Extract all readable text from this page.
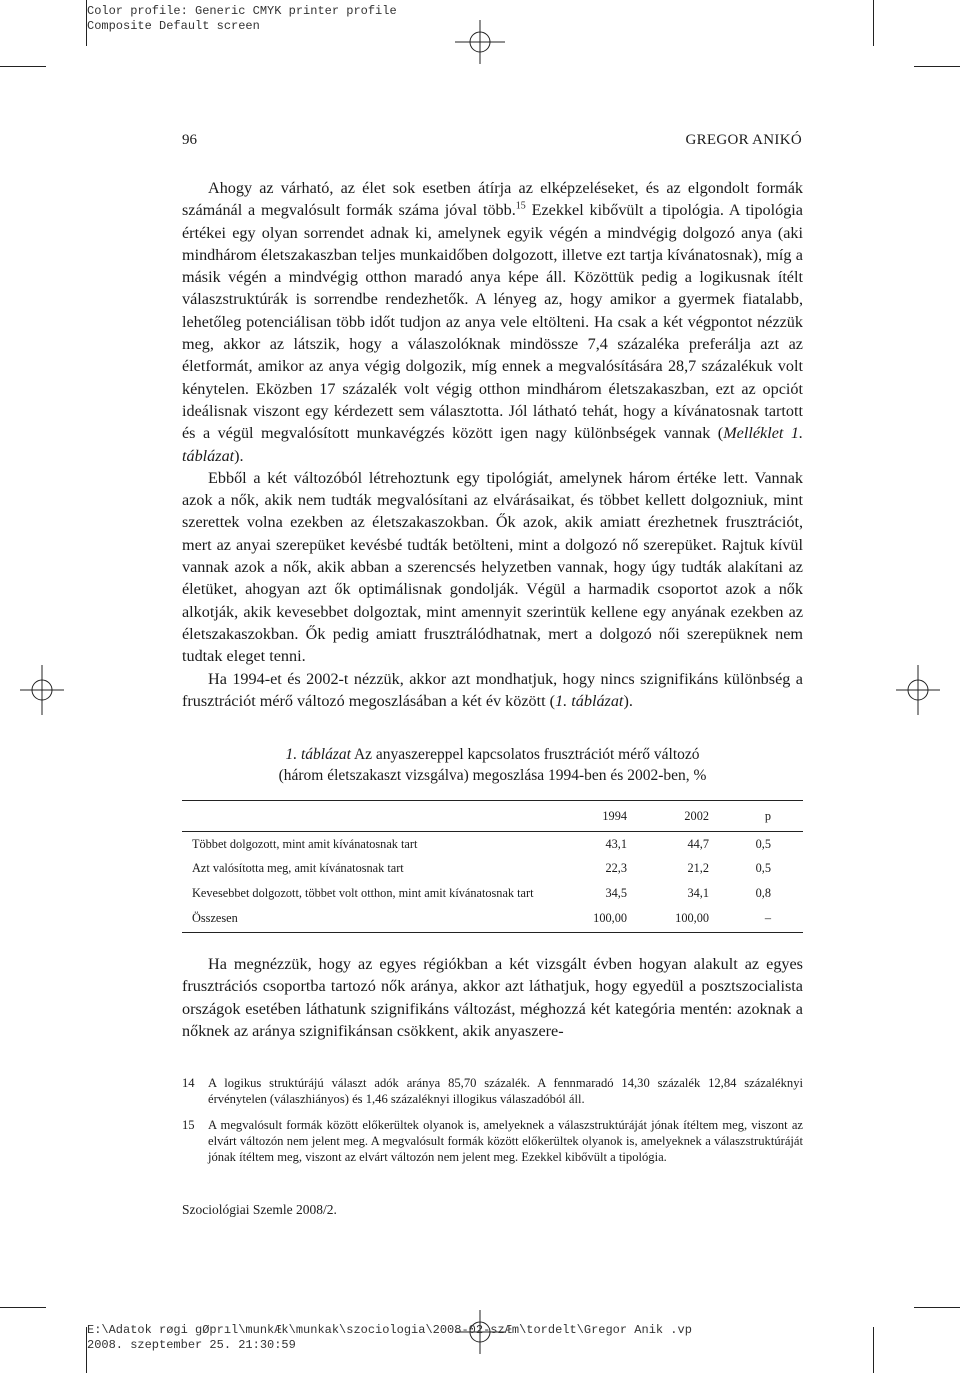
Color profile: Generic CMYK printer profile
Composite Default screen
96	GREGOR ANIKÓ

Ahogy az várható, az élet sok esetben átírja az elképzeléseket, és az elgondolt formák számánál a megvalósult formák száma jóval több.$^{15}$ Ezekkel kibővült a tipológia. A tipológia értékei egy olyan sorrendet adnak ki, amelynek egyik végén a mindvégig dolgozó anya (aki mindhárom életszakaszban teljes munkaidőben dolgozott, illetve ezt tartja kívánatosnak), míg a másik végén a mindvégig otthon maradó anya képe áll. Közöttük pedig a logikusnak ítélt válaszstruktúrák is sorrendbe rendezhetők. A lényeg az, hogy amikor a gyermek fiatalabb, lehetőleg potenciálisan több időt tudjon az anya vele eltölteni. Ha csak a két végpontot nézzük meg, akkor az látszik, hogy a válaszolóknak mindössze 7,4 százaléka preferálja azt az életformát, amikor az anya végig dolgozik, míg ennek a megvalósítására 28,7 százalékuk volt kénytelen. Eközben 17 százalék volt végig otthon mindhárom életszakaszban, ezt az opciót ideálisnak viszont egy kérdezett sem választotta. Jól látható tehát, hogy a kívánatosnak tartott és a végül megvalósított munkavégzés között igen nagy különbségek vannak (Melléklet 1. táblázat).

Ebből a két változóból létrehoztunk egy tipológiát, amelynek három értéke lett. Vannak azok a nők, akik nem tudták megvalósítani az elvárásaikat, és többet kellett dolgozniuk, mint szerettek volna ezekben az életszakaszokban. Ők azok, akik amiatt érezhetnek frusztrációt, mert az anyai szerepüket kevésbé tudták betölteni, mint a dolgozó nő szerepüket. Rajtuk kívül vannak azok a nők, akik abban a szerencsés helyzetben vannak, hogy úgy tudták alakítani az életüket, ahogyan azt ők optimálisnak gondolják. Végül a harmadik csoportot azok a nők alkotják, akik kevesebbet dolgoztak, mint amennyit szerintük kellene egy anyának ezekben az életszakaszokban. Ők pedig amiatt frusztrálódhatnak, mert a dolgozó női szerepüknek nem tudtak eleget tenni.

Ha 1994-et és 2002-t nézzük, akkor azt mondhatjuk, hogy nincs szignifikáns különbség a frusztrációt mérő változó megoszlásában a két év között (1. táblázat).

1. táblázat Az anyaszereppel kapcsolatos frusztrációt mérő változó
(három életszakaszt vizsgálva) megoszlása 1994-ben és 2002-ben, %
	1994	2002	p
Többet dolgozott, mint amit kívánatosnak tart	43,1	44,7	0,5
Azt valósította meg, amit kívánatosnak tart	22,3	21,2	0,5
Kevesebbet dolgozott, többet volt otthon, mint amit kívánatosnak tart	34,5	34,1	0,8
Összesen	100,00	100,00	–

Ha megnézzük, hogy az egyes régiókban a két vizsgált évben hogyan alakult az egyes frusztrációs csoportba tartozó nők aránya, akkor azt láthatjuk, hogy egyedül a posztszocialista országok esetében láthatunk szignifikáns változást, méghozzá két kategória mentén: azoknak a nőknek az aránya szignifikánsan csökkent, akik anyaszere-

14 A logikus struktúrájú választ adók aránya 85,70 százalék. A fennmaradó 14,30 százalék 12,84 százaléknyi érvénytelen (válaszhiányos) és 1,46 százaléknyi illogikus válaszadóból áll.
15 A megvalósult formák között előkerültek olyanok is, amelyeknek a válaszstruktúráját jónak ítéltem meg, viszont az elvárt változón nem jelent meg. A megvalósult formák között előkerültek olyanok is, amelyeknek a válaszstruktúráját jónak ítéltem meg, viszont az elvárt változón nem jelent meg. Ezekkel kibővült a tipológia.
Szociológiai Szemle 2008/2.
E:\Adatok røgi gØprıl\munkÆk\munkak\szociologia\2008-02-szÆm\tordelt\Gregor Anik .vp
2008. szeptember 25. 21:30:59
